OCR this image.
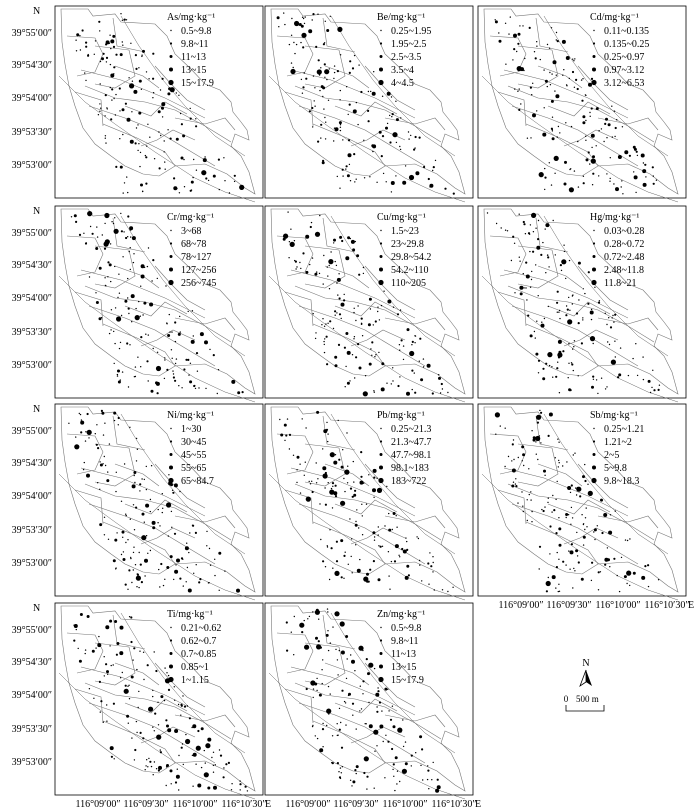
As/mg·kg⁻¹
0.5~9.8
9.8~11
11~13
13~15
15~17.9
N
39°55′00″
39°54′30″
39°54′00″
39°53′30″
39°53′00″
Be/mg·kg⁻¹
0.25~1.95
1.95~2.5
2.5~3.5
3.5~4
4~4.5
Cd/mg·kg⁻¹
0.11~0.135
0.135~0.25
0.25~0.97
0.97~3.12
3.12~6.53
Cr/mg·kg⁻¹
3~68
68~78
78~127
127~256
256~745
N
39°55′00″
39°54′30″
39°54′00″
39°53′30″
39°53′00″
Cu/mg·kg⁻¹
1.5~23
23~29.8
29.8~54.2
54.2~110
110~205
Hg/mg·kg⁻¹
0.03~0.28
0.28~0.72
0.72~2.48
2.48~11.8
11.8~21
Ni/mg·kg⁻¹
1~30
30~45
45~55
55~65
65~84.7
N
39°55′00″
39°54′30″
39°54′00″
39°53′30″
39°53′00″
Pb/mg·kg⁻¹
0.25~21.3
21.3~47.7
47.7~98.1
98.1~183
183~722
Sb/mg·kg⁻¹
0.25~1.21
1.21~2
2~5
5~9.8
9.8~18.3
116°09′00″ 116°09′30″ 116°10′00″ 116°10′30″
E
Ti/mg·kg⁻¹
0.21~0.62
0.62~0.7
0.7~0.85
0.85~1
1~1.15
N
39°55′00″
39°54′30″
39°54′00″
39°53′30″
39°53′00″
116°09′00″ 116°09′30″ 116°10′00″ 116°10′30″
E
Zn/mg·kg⁻¹
0.5~9.8
9.8~11
11~13
13~15
15~17.9
116°09′00″ 116°09′30″ 116°10′00″ 116°10′30″
E
N
0 500 m
